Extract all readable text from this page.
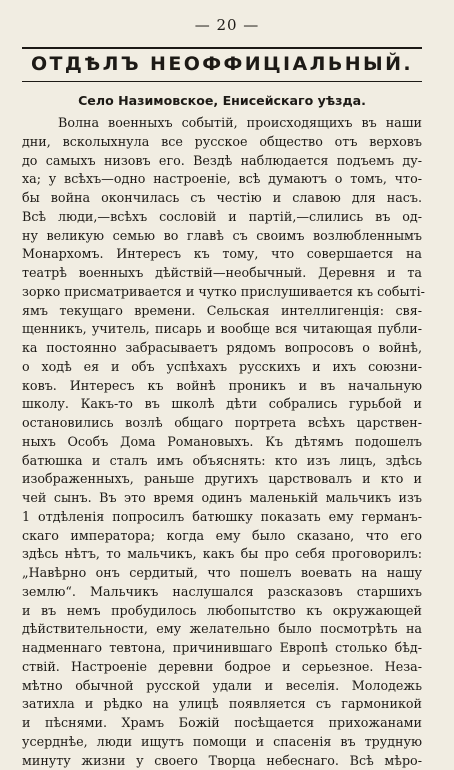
— 20 —
ОТДѢЛЪ НЕОФФИЦІАЛЬНЫЙ.
Село Назимовское, Енисейскаго уѣзда.
Волна военныхъ событій, происходящихъ въ наши
дни, всколыхнула все русское общество отъ верховъ
до самыхъ низовъ его. Вездѣ наблюдается подъемъ ду-
ха; у всѣхъ—одно настроеніе, всѣ думаютъ о томъ, что-
бы война окончилась съ честію и славою для насъ.
Всѣ люди,—всѣхъ сословій и партій,—слились въ од-
ну великую семью во главѣ съ своимъ возлюбленнымъ
Монархомъ. Интересъ къ тому, что совершается на
театрѣ военныхъ дѣйствій—необычный. Деревня и та
зорко присматривается и чутко прислушивается къ событі-
ямъ текущаго времени. Сельская интеллигенція: свя-
щенникъ, учитель, писарь и вообще вся читающая публи-
ка постоянно забрасываетъ рядомъ вопросовъ о войнѣ,
о ходѣ ея и объ успѣхахъ русскихъ и ихъ союзни-
ковъ. Интересъ къ войнѣ проникъ и въ начальную
школу. Какъ-то въ школѣ дѣти собрались гурьбой и
остановились возлѣ общаго портрета всѣхъ царствен-
ныхъ Особъ Дома Романовыхъ. Къ дѣтямъ подошелъ
батюшка и сталъ имъ объяснять: кто изъ лицъ, здѣсь
изображенныхъ, раньше другихъ царствовалъ и кто и
чей сынъ. Въ это время одинъ маленькій мальчикъ изъ
1 отдѣленія попросилъ батюшку показать ему германъ-
скаго императора; когда ему было сказано, что его
здѣсь нѣтъ, то мальчикъ, какъ бы про себя проговорилъ:
„Навѣрно онъ сердитый, что пошелъ воевать на нашу
землю“. Мальчикъ наслушался разсказовъ старшихъ
и въ немъ пробудилось любопытство къ окружающей
дѣйствительности, ему желательно было посмотрѣть на
надменнаго тевтона, причинившаго Европѣ столько бѣд-
ствій. Настроеніе деревни бодрое и серьезное. Неза-
мѣтно обычной русской удали и веселія. Молодежь
затихла и рѣдко на улицѣ появляется съ гармоникой
и пѣснями. Храмъ Божій посѣщается прихожанами
усерднѣе, люди ищутъ помощи и спасенія въ трудную
минуту жизни у своего Творца небеснаго. Всѣ мѣро-
